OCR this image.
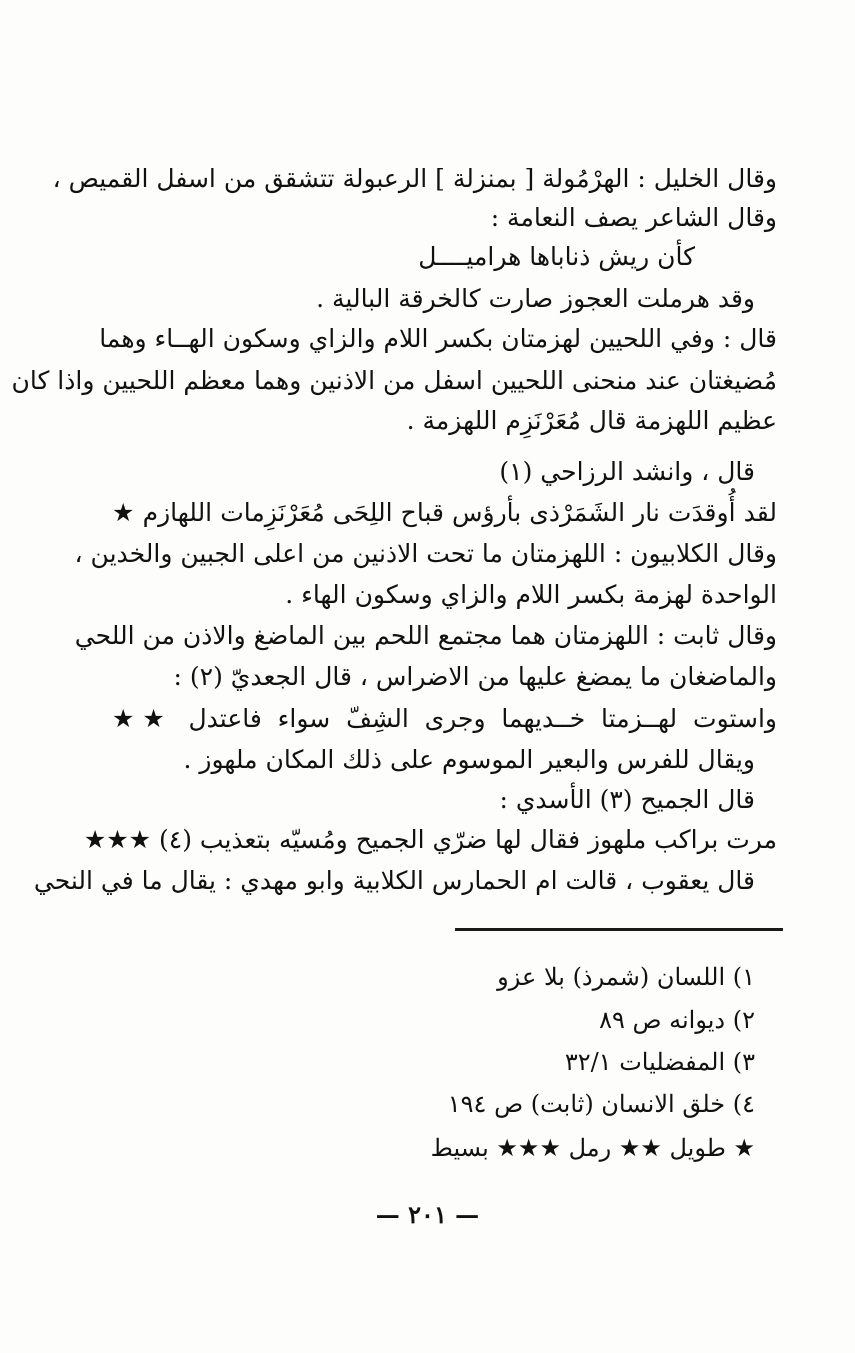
وقال الخليل : الهرْمُولة [ بمنزلة ] الرعبولة تتشقق من اسفل القميص ،
وقال الشاعر يصف النعامة :
كأن ريش ذناباها هراميــــل
وقد هرملت العجوز صارت كالخرقة البالية .
قال : وفي اللحيين لهزمتان بكسر اللام والزاي وسكون الهــاء وهما
مُضيغتان عند منحنى اللحيين اسفل من الاذنين وهما معظم اللحيين واذا كان
عظيم اللهزمة قال مُعَرْنَزِم اللهزمة .
قال ، وانشد الرزاحي (١)
لقد أُوقدَت نار الشَمَرْذى بأرؤس قباح اللِحَى مُعَرْنَزِمات اللهازم ★
وقال الكلابيون : اللهزمتان ما تحت الاذنين من اعلى الجبين والخدين ،
الواحدة لهزمة بكسر اللام والزاي وسكون الهاء .
وقال ثابت : اللهزمتان هما مجتمع اللحم بين الماضغ والاذن من اللحي
والماضغان ما يمضغ عليها من الاضراس ، قال الجعديّ (٢) :
واستوت لهــزمتا خــديهما وجرى الشِفّ سواء فاعتدل ★★
ويقال للفرس والبعير الموسوم على ذلك المكان ملهوز .
قال الجميح (٣) الأسدي :
مرت براكب ملهوز فقال لها ضرّي الجميح ومُسيّه بتعذيب (٤) ★★★
قال يعقوب ، قالت ام الحمارس الكلابية وابو مهدي : يقال ما في النحي
١) اللسان (شمرذ) بلا عزو
٢) ديوانه ص ٨٩
٣) المفضليات ٣٢/١
٤) خلق الانسان (ثابت) ص ١٩٤
★ طويل ★★ رمل ★★★ بسيط
— ٢٠١ —
